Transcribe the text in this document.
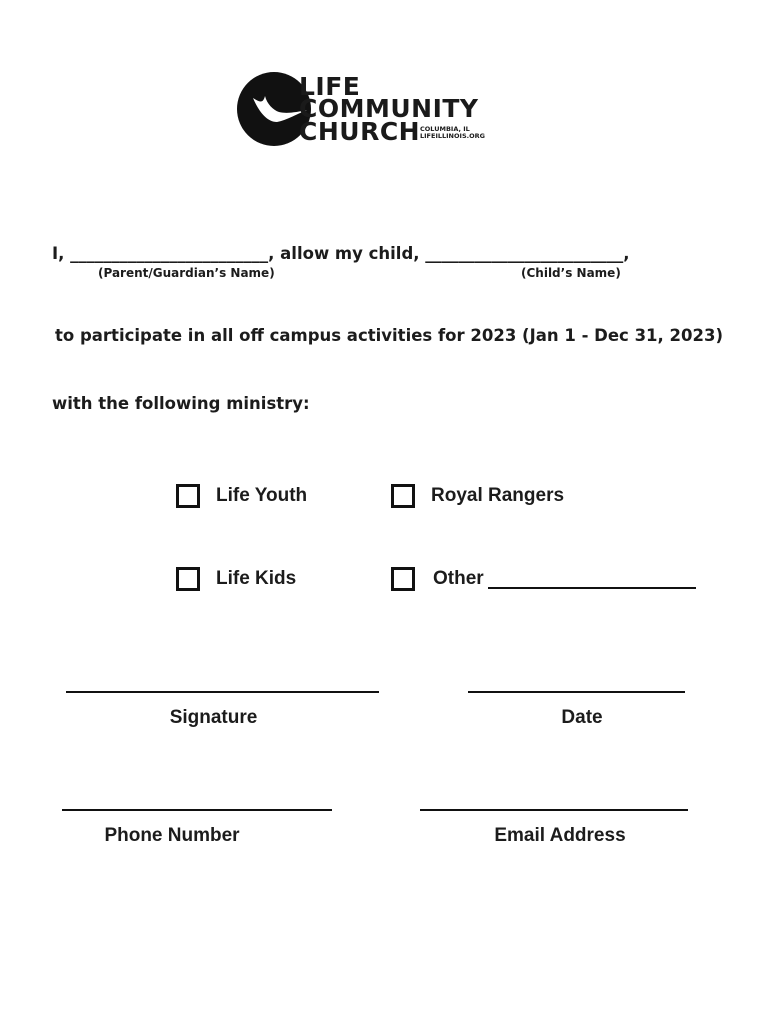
LIFE
COMMUNITY
CHURCH COLUMBIA, IL
LIFEILLINOIS.ORG
I, ________________________, allow my child, ________________________,
(Parent/Guardian’s Name)	(Child’s Name)
to participate in all off campus activities for 2023 (Jan 1 - Dec 31, 2023)
with the following ministry:
Life Youth	Royal Rangers
Life Kids	Other
Signature	Date
Phone Number	Email Address
